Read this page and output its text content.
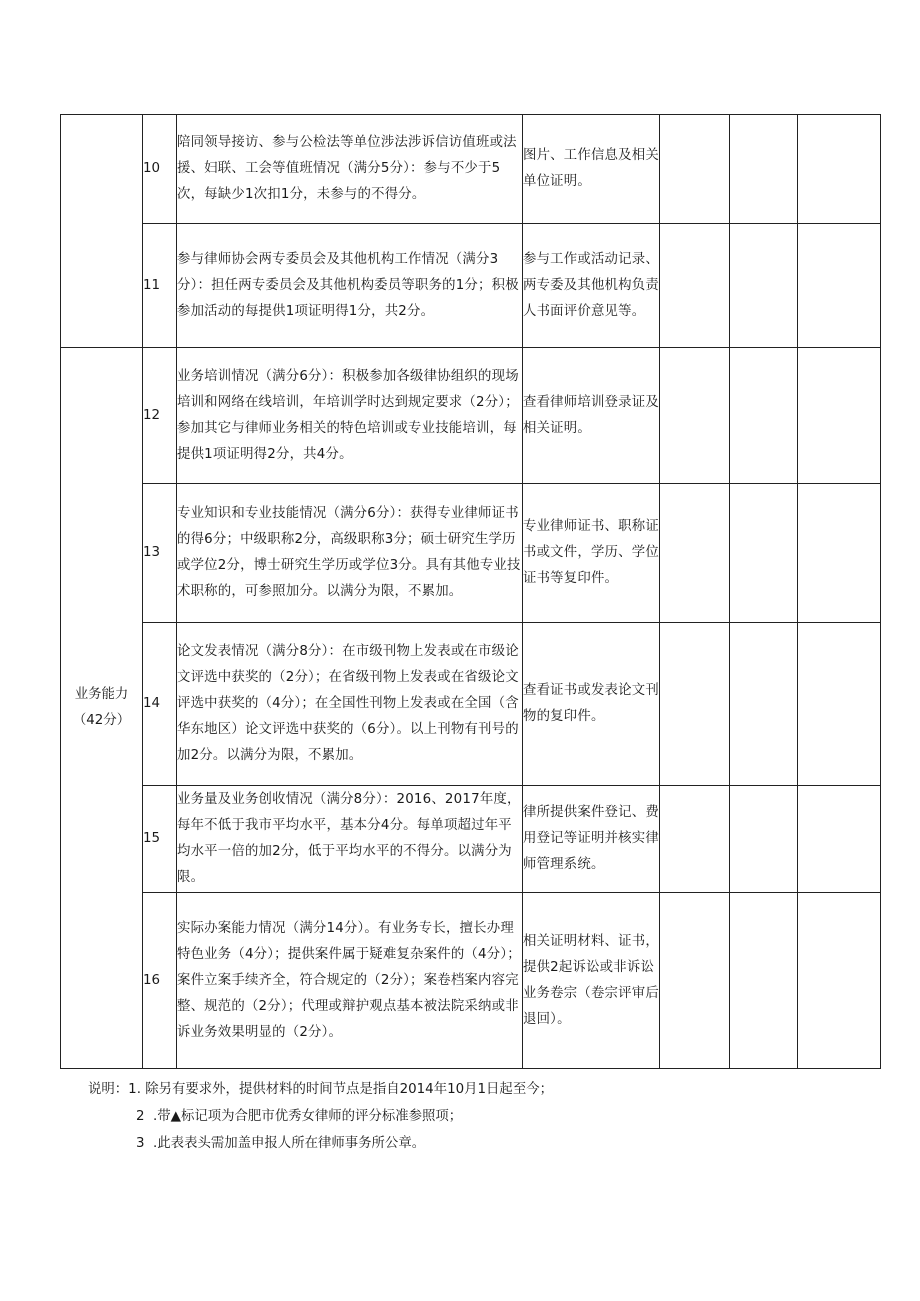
	10	陪同领导接访、参与公检法等单位涉法涉诉信访值班或法援、妇联、工会等值班情况（满分5分）：参与不少于5次，每缺少1次扣1分，未参与的不得分。	图片、工作信息及相关单位证明。			
	11	参与律师协会两专委员会及其他机构工作情况（满分3分）：担任两专委员会及其他机构委员等职务的1分；积极参加活动的每提供1项证明得1分，共2分。	参与工作或活动记录、两专委及其他机构负责人书面评价意见等。			
业务能力（42分）	12	业务培训情况（满分6分）：积极参加各级律协组织的现场培训和网络在线培训，年培训学时达到规定要求（2分）；参加其它与律师业务相关的特色培训或专业技能培训，每提供1项证明得2分，共4分。	查看律师培训登录证及相关证明。			
	13	专业知识和专业技能情况（满分6分）：获得专业律师证书的得6分；中级职称2分，高级职称3分；硕士研究生学历或学位2分，博士研究生学历或学位3分。具有其他专业技术职称的，可参照加分。以满分为限，不累加。	专业律师证书、职称证书或文件，学历、学位证书等复印件。			
	14	论文发表情况（满分8分）：在市级刊物上发表或在市级论文评选中获奖的（2分）；在省级刊物上发表或在省级论文评选中获奖的（4分）；在全国性刊物上发表或在全国（含华东地区）论文评选中获奖的（6分）。以上刊物有刊号的加2分。以满分为限，不累加。	查看证书或发表论文刊物的复印件。			
	15	业务量及业务创收情况（满分8分）：2016、2017年度，每年不低于我市平均水平，基本分4分。每单项超过年平均水平一倍的加2分，低于平均水平的不得分。以满分为限。	律所提供案件登记、费用登记等证明并核实律师管理系统。			
	16	实际办案能力情况（满分14分）。有业务专长，擅长办理特色业务（4分）；提供案件属于疑难复杂案件的（4分）；案件立案手续齐全，符合规定的（2分）；案卷档案内容完整、规范的（2分）；代理或辩护观点基本被法院采纳或非诉业务效果明显的（2分）。	相关证明材料、证书，提供2起诉讼或非诉讼业务卷宗（卷宗评审后退回）。			
说明：1. 除另有要求外，提供材料的时间节点是指自2014年10月1日起至今；
2  .带▲标记项为合肥市优秀女律师的评分标准参照项；
3  .此表表头需加盖申报人所在律师事务所公章。
